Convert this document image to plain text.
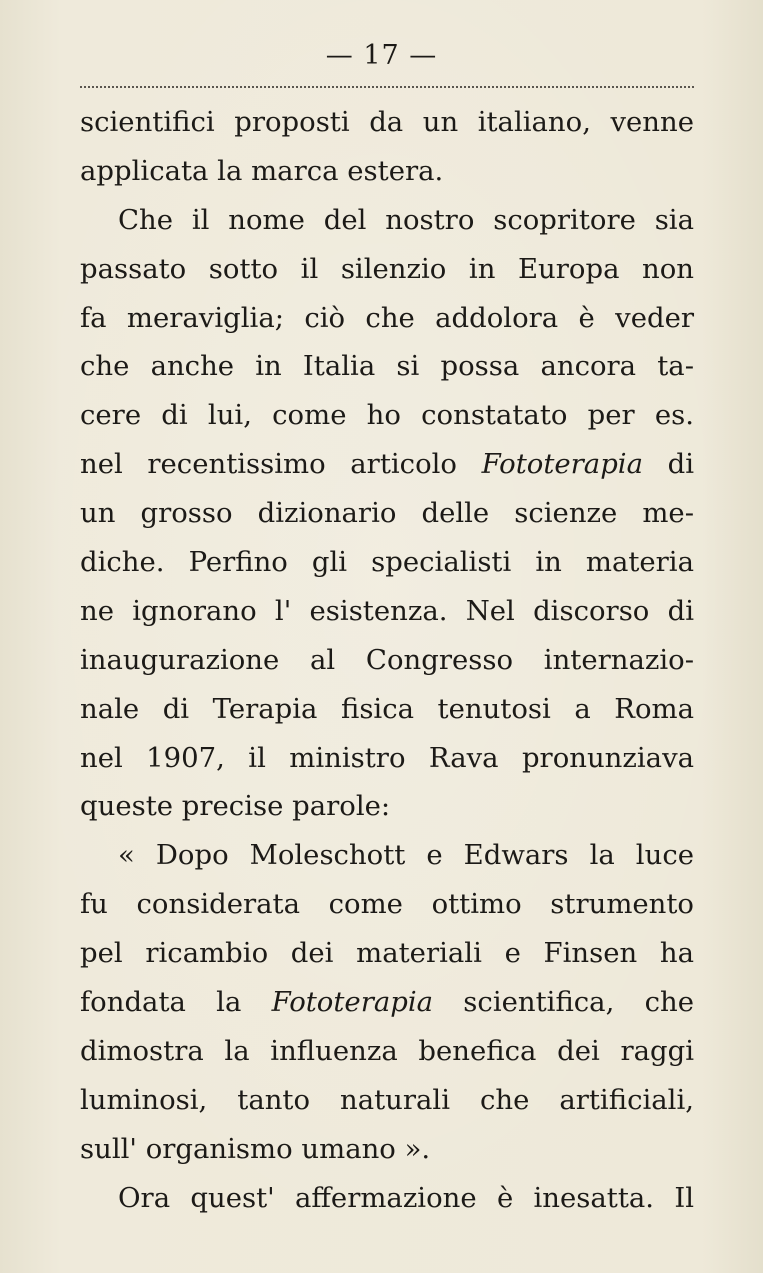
— 17 —
scientifici proposti da un italiano, venne
applicata la marca estera.
Che il nome del nostro scopritore sia
passato sotto il silenzio in Europa non
fa meraviglia; ciò che addolora è veder
che anche in Italia si possa ancora ta-
cere di lui, come ho constatato per es.
nel recentissimo articolo Fototerapia di
un grosso dizionario delle scienze me-
diche. Perfino gli specialisti in materia
ne ignorano l' esistenza. Nel discorso di
inaugurazione al Congresso internazio-
nale di Terapia fisica tenutosi a Roma
nel 1907, il ministro Rava pronunziava
queste precise parole:
« Dopo Moleschott e Edwars la luce
fu considerata come ottimo strumento
pel ricambio dei materiali e Finsen ha
fondata la Fototerapia scientifica, che
dimostra la influenza benefica dei raggi
luminosi, tanto naturali che artificiali,
sull' organismo umano ».
Ora quest' affermazione è inesatta. Il
